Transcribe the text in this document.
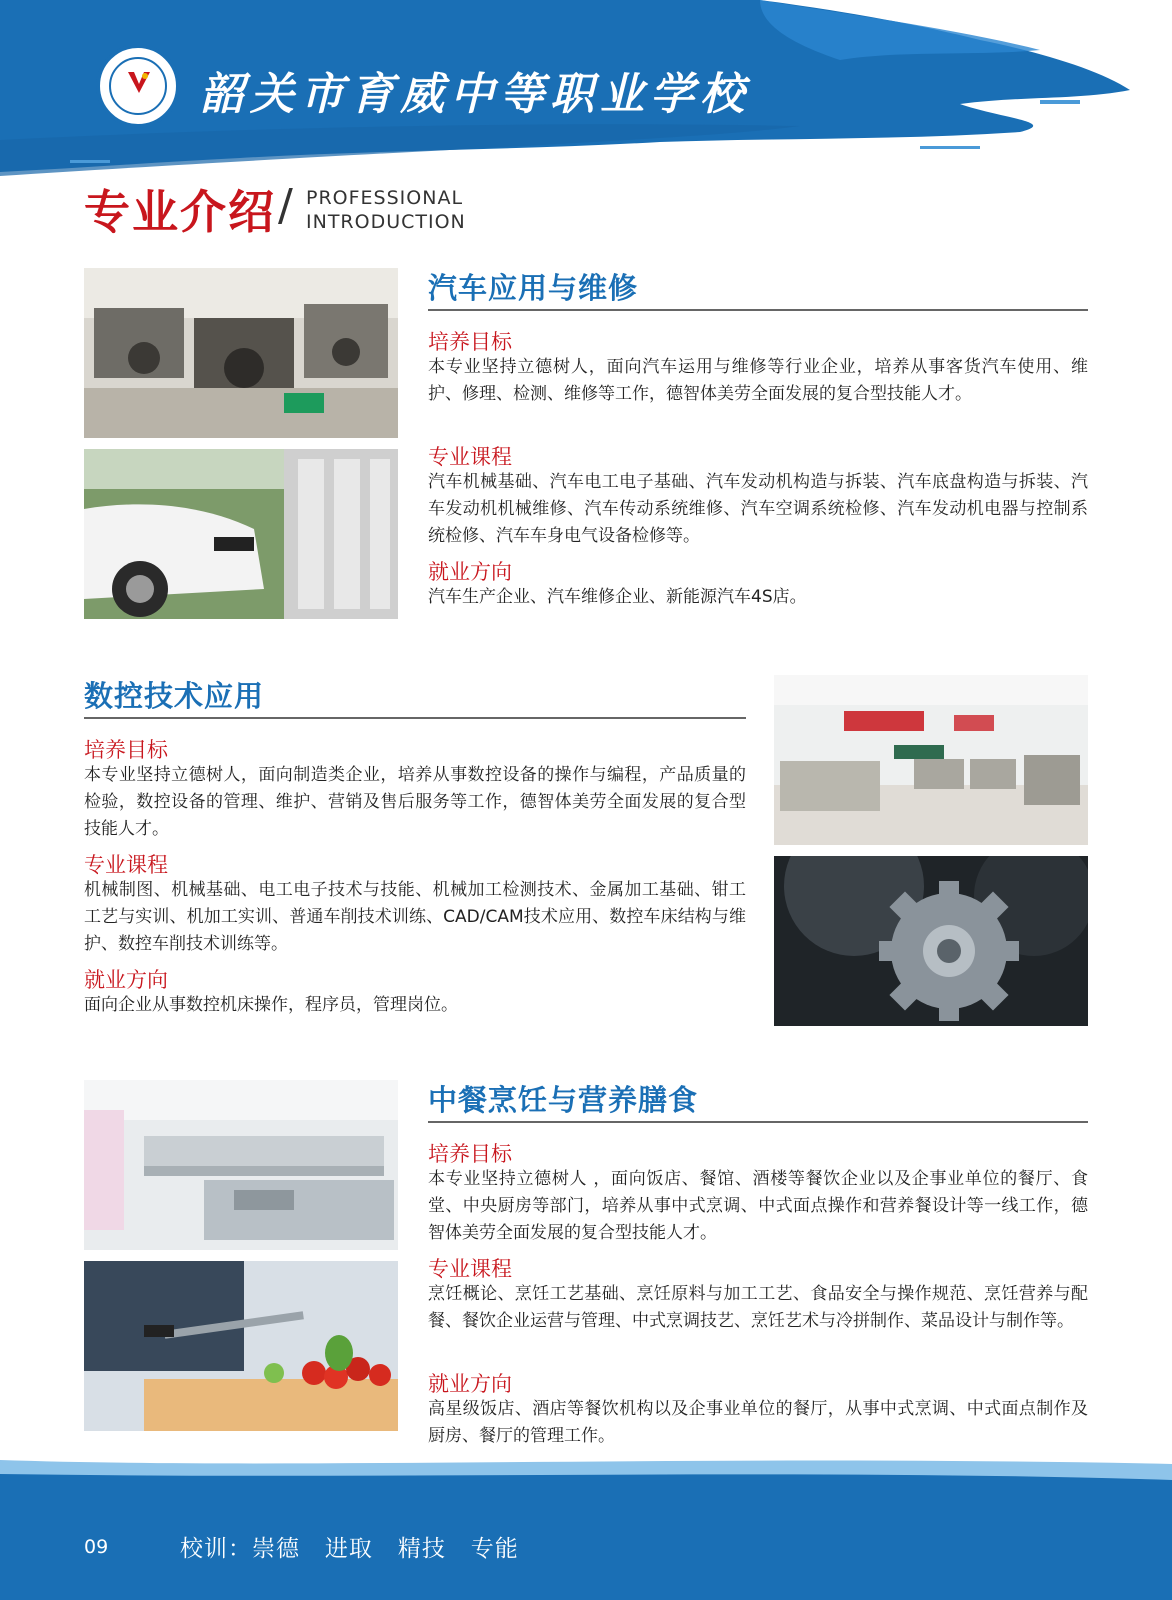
韶关市育威中等职业学校
专业介绍 / PROFESSIONAL
INTRODUCTION
汽车应用与维修
培养目标
本专业坚持立德树人，面向汽车运用与维修等行业企业，培养从事客货汽车使用、维护、修理、检测、维修等工作，德智体美劳全面发展的复合型技能人才。
专业课程
汽车机械基础、汽车电工电子基础、汽车发动机构造与拆装、汽车底盘构造与拆装、汽车发动机机械维修、汽车传动系统维修、汽车空调系统检修、汽车发动机电器与控制系统检修、汽车车身电气设备检修等。
就业方向
汽车生产企业、汽车维修企业、新能源汽车4S店。
数控技术应用
培养目标
本专业坚持立德树人，面向制造类企业，培养从事数控设备的操作与编程，产品质量的检验，数控设备的管理、维护、营销及售后服务等工作，德智体美劳全面发展的复合型技能人才。
专业课程
机械制图、机械基础、电工电子技术与技能、机械加工检测技术、金属加工基础、钳工工艺与实训、机加工实训、普通车削技术训练、CAD/CAM技术应用、数控车床结构与维护、数控车削技术训练等。
就业方向
面向企业从事数控机床操作，程序员，管理岗位。
中餐烹饪与营养膳食
培养目标
本专业坚持立德树人 ，面向饭店、餐馆、酒楼等餐饮企业以及企事业单位的餐厅、食堂、中央厨房等部门，培养从事中式烹调、中式面点操作和营养餐设计等一线工作，德智体美劳全面发展的复合型技能人才。
专业课程
烹饪概论、烹饪工艺基础、烹饪原料与加工工艺、食品安全与操作规范、烹饪营养与配餐、餐饮企业运营与管理、中式烹调技艺、烹饪艺术与冷拼制作、菜品设计与制作等。
就业方向
高星级饭店、酒店等餐饮机构以及企事业单位的餐厅，从事中式烹调、中式面点制作及厨房、餐厅的管理工作。
09	校训：崇德   进取   精技   专能
